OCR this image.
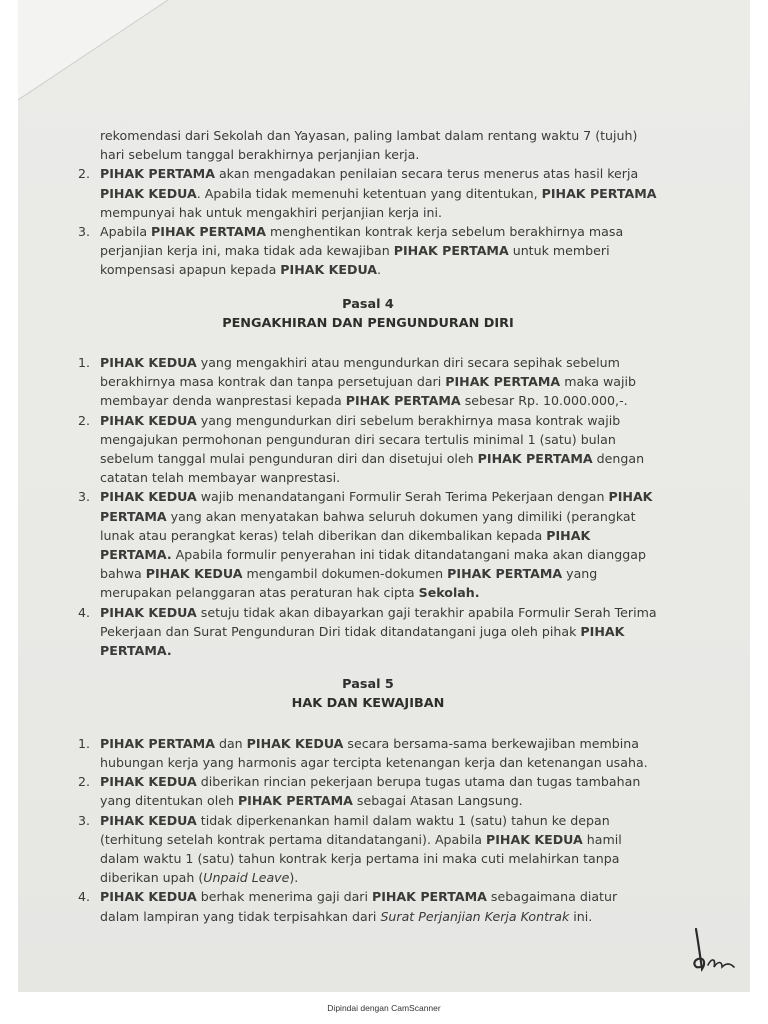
rekomendasi dari Sekolah dan Yayasan, paling lambat dalam rentang waktu 7 (tujuh) hari sebelum tanggal berakhirnya perjanjian kerja.

2. PIHAK PERTAMA akan mengadakan penilaian secara terus menerus atas hasil kerja PIHAK KEDUA. Apabila tidak memenuhi ketentuan yang ditentukan, PIHAK PERTAMA mempunyai hak untuk mengakhiri perjanjian kerja ini.
3. Apabila PIHAK PERTAMA menghentikan kontrak kerja sebelum berakhirnya masa perjanjian kerja ini, maka tidak ada kewajiban PIHAK PERTAMA untuk memberi kompensasi apapun kepada PIHAK KEDUA.
Pasal 4
PENGAKHIRAN DAN PENGUNDURAN DIRI
1. PIHAK KEDUA yang mengakhiri atau mengundurkan diri secara sepihak sebelum berakhirnya masa kontrak dan tanpa persetujuan dari PIHAK PERTAMA maka wajib membayar denda wanprestasi kepada PIHAK PERTAMA sebesar Rp. 10.000.000,-.
2. PIHAK KEDUA yang mengundurkan diri sebelum berakhirnya masa kontrak wajib mengajukan permohonan pengunduran diri secara tertulis minimal 1 (satu) bulan sebelum tanggal mulai pengunduran diri dan disetujui oleh PIHAK PERTAMA dengan catatan telah membayar wanprestasi.
3. PIHAK KEDUA wajib menandatangani Formulir Serah Terima Pekerjaan dengan PIHAK PERTAMA yang akan menyatakan bahwa seluruh dokumen yang dimiliki (perangkat lunak atau perangkat keras) telah diberikan dan dikembalikan kepada PIHAK PERTAMA. Apabila formulir penyerahan ini tidak ditandatangani maka akan dianggap bahwa PIHAK KEDUA mengambil dokumen-dokumen PIHAK PERTAMA yang merupakan pelanggaran atas peraturan hak cipta Sekolah.
4. PIHAK KEDUA setuju tidak akan dibayarkan gaji terakhir apabila Formulir Serah Terima Pekerjaan dan Surat Pengunduran Diri tidak ditandatangani juga oleh pihak PIHAK PERTAMA.
Pasal 5
HAK DAN KEWAJIBAN
1. PIHAK PERTAMA dan PIHAK KEDUA secara bersama-sama berkewajiban membina hubungan kerja yang harmonis agar tercipta ketenangan kerja dan ketenangan usaha.
2. PIHAK KEDUA diberikan rincian pekerjaan berupa tugas utama dan tugas tambahan yang ditentukan oleh PIHAK PERTAMA sebagai Atasan Langsung.
3. PIHAK KEDUA tidak diperkenankan hamil dalam waktu 1 (satu) tahun ke depan (terhitung setelah kontrak pertama ditandatangani). Apabila PIHAK KEDUA hamil dalam waktu 1 (satu) tahun kontrak kerja pertama ini maka cuti melahirkan tanpa diberikan upah (Unpaid Leave).
4. PIHAK KEDUA berhak menerima gaji dari PIHAK PERTAMA sebagaimana diatur dalam lampiran yang tidak terpisahkan dari Surat Perjanjian Kerja Kontrak ini.
Dipindai dengan CamScanner
